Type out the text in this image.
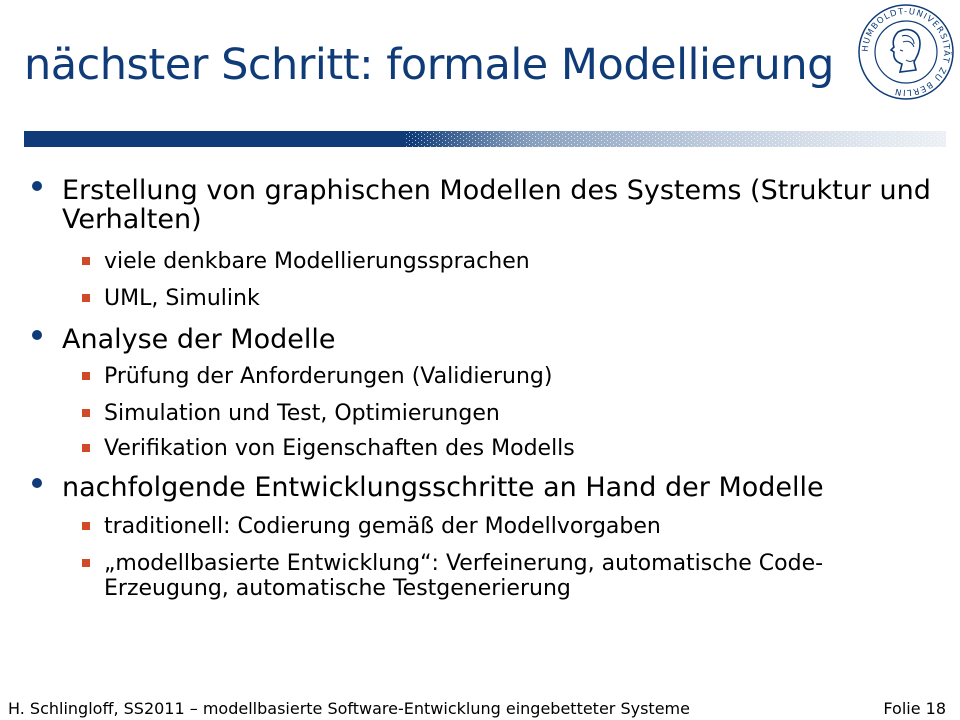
nächster Schritt: formale Modellierung	HUMBOLDT-UNIVERSITÄT ZU BERLIN
Erstellung von graphischen Modellen des Systems (Struktur und Verhalten)
viele denkbare Modellierungssprachen
UML, Simulink
Analyse der Modelle
Prüfung der Anforderungen (Validierung)
Simulation und Test, Optimierungen
Verifikation von Eigenschaften des Modells
nachfolgende Entwicklungsschritte an Hand der Modelle
traditionell: Codierung gemäß der Modellvorgaben
„modellbasierte Entwicklung“: Verfeinerung, automatische Code-Erzeugung, automatische Testgenerierung
H. Schlingloff, SS2011 – modellbasierte Software-Entwicklung eingebetteter Systeme	Folie 18
